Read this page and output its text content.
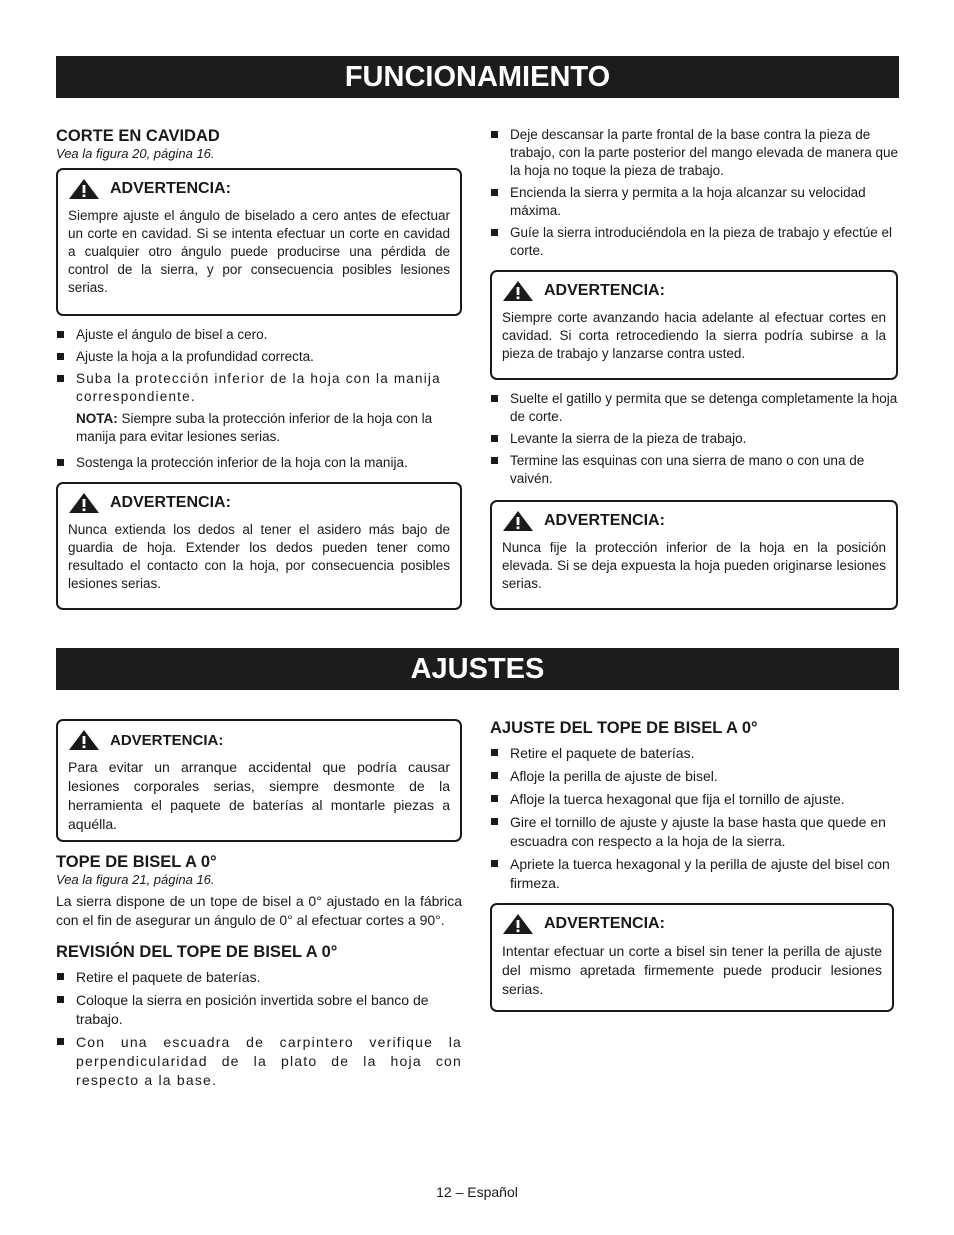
FUNCIONAMIENTO

CORTE EN CAVIDAD

Vea la figura 20, página 16.

ADVERTENCIA:
Siempre ajuste el ángulo de biselado a cero antes de efectuar un corte en cavidad. Si se intenta efectuar un corte en cavidad a cualquier otro ángulo puede producirse una pérdida de control de la sierra, y por consecuencia posibles lesiones serias.
Ajuste el ángulo de bisel a cero.
Ajuste la hoja a la profundidad correcta.
Suba la protección inferior de la hoja con la manija correspondiente.

NOTA: Siempre suba la protección inferior de la hoja con la manija para evitar lesiones serias.

Sostenga la protección inferior de la hoja con la manija.
ADVERTENCIA:
Nunca extienda los dedos al tener el asidero más bajo de guardia de hoja. Extender los dedos pueden tener como resultado el contacto con la hoja, por consecuencia posibles lesiones serias.
Deje descansar la parte frontal de la base contra la pieza de trabajo, con la parte posterior del mango elevada de manera que la hoja no toque la pieza de trabajo.
Encienda la sierra y permita a la hoja alcanzar su velocidad máxima.
Guíe la sierra introduciéndola en la pieza de trabajo y efectúe el corte.
ADVERTENCIA:
Siempre corte avanzando hacia adelante al efectuar cortes en cavidad. Si corta retrocediendo la sierra podría subirse a la pieza de trabajo y lanzarse contra usted.
Suelte el gatillo y permita que se detenga completamente la hoja de corte.
Levante la sierra de la pieza de trabajo.
Termine las esquinas con una sierra de mano o con una de vaivén.
ADVERTENCIA:
Nunca fije la protección inferior de la hoja en la posición elevada. Si se deja expuesta la hoja pueden originarse lesiones serias.
AJUSTES
ADVERTENCIA:
Para evitar un arranque accidental que podría causar lesiones corporales serias, siempre desmonte de la herramienta el paquete de baterías al montarle piezas a aquélla.

TOPE DE BISEL A 0°

Vea la figura 21, página 16.

La sierra dispone de un tope de bisel a 0° ajustado en la fábrica con el fin de asegurar un ángulo de 0° al efectuar cortes a 90°.

REVISIÓN DEL TOPE DE BISEL A 0°

Retire el paquete de baterías.
Coloque la sierra en posición invertida sobre el banco de trabajo.
Con una escuadra de carpintero verifique la perpendicularidad de la plato de la hoja con respecto a la base.

AJUSTE DEL TOPE DE BISEL A 0°

Retire el paquete de baterías.
Afloje la perilla de ajuste de bisel.
Afloje la tuerca hexagonal que fija el tornillo de ajuste.
Gire el tornillo de ajuste y ajuste la base hasta que quede en escuadra con respecto a la hoja de la sierra.
Apriete la tuerca hexagonal y la perilla de ajuste del bisel con firmeza.
ADVERTENCIA:
Intentar efectuar un corte a bisel sin tener la perilla de ajuste del mismo apretada firmemente puede producir lesiones serias.
12 – Español
